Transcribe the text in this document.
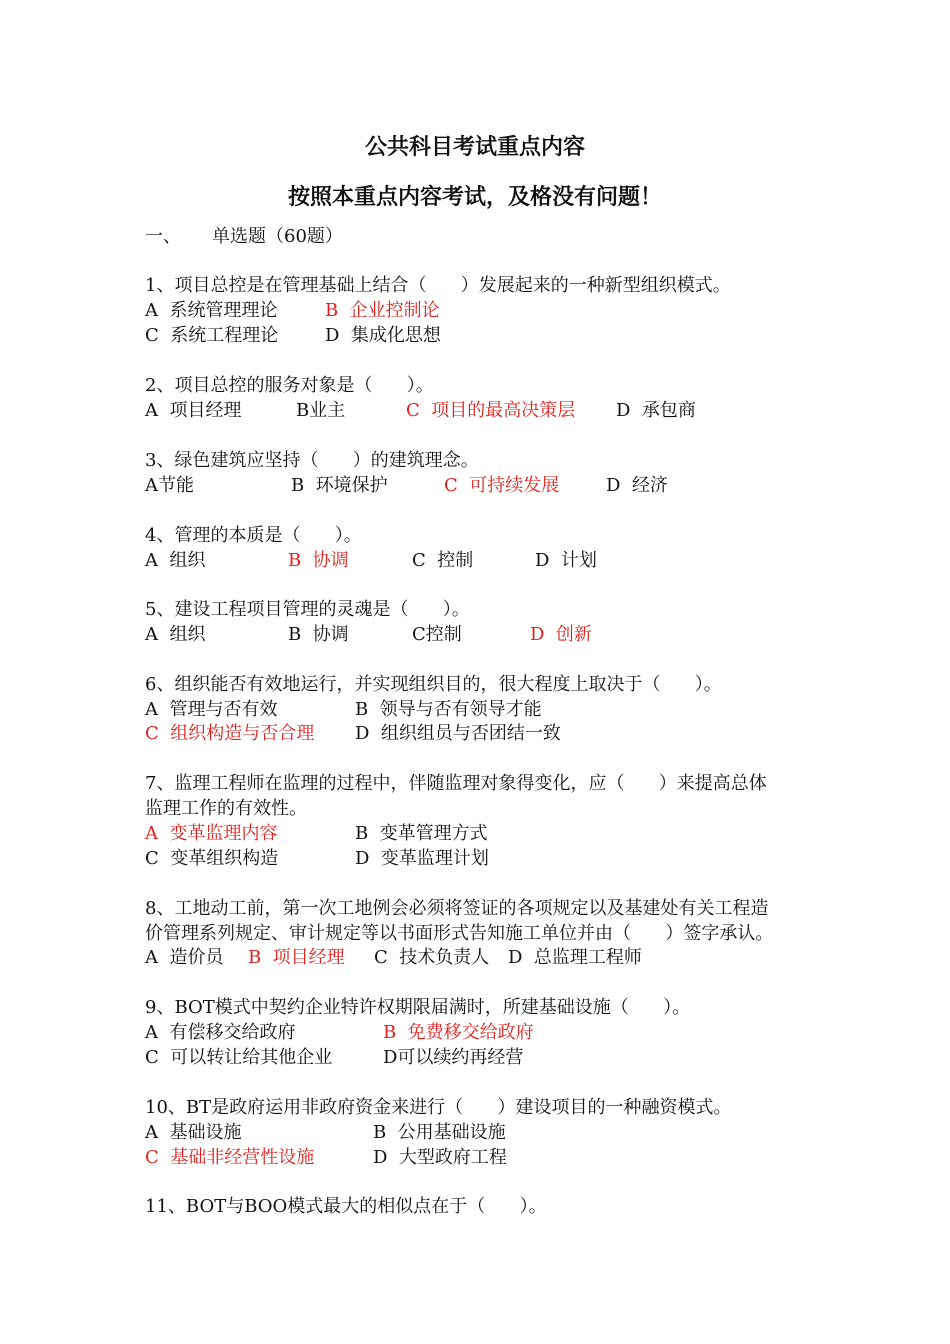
公共科目考试重点内容
按照本重点内容考试，及格没有问题！
一、 单选题（60题）
1、项目总控是在管理基础上结合（      ）发展起来的一种新型组织模式。
A  系统管理理论	B  企业控制论
C  系统工程理论	D  集成化思想
2、项目总控的服务对象是（      ）。
A  项目经理	B业主	C  项目的最高决策层 D  承包商
3、绿色建筑应坚持（      ）的建筑理念。
A节能	B  环境保护	C  可持续发展	D  经济
4、管理的本质是（      ）。
A  组织	B  协调	C  控制	D  计划
5、建设工程项目管理的灵魂是（      ）。
A  组织	B  协调	C控制	D  创新
6、组织能否有效地运行，并实现组织目的，很大程度上取决于（      ）。
A  管理与否有效	B  领导与否有领导才能
C  组织构造与否合理 D  组织组员与否团结一致
7、监理工程师在监理的过程中，伴随监理对象得变化，应（      ）来提高总体
监理工作的有效性。
A  变革监理内容	B  变革管理方式
C  变革组织构造	D  变革监理计划
8、工地动工前，第一次工地例会必须将签证的各项规定以及基建处有关工程造
价管理系列规定、审计规定等以书面形式告知施工单位并由（      ）签字承认。
A  造价员 B  项目经理 C  技术负责人 D  总监理工程师
9、BOT模式中契约企业特许权期限届满时，所建基础设施（      ）。
A  有偿移交给政府	B  免费移交给政府
C  可以转让给其他企业	D可以续约再经营
10、BT是政府运用非政府资金来进行（      ）建设项目的一种融资模式。
A  基础设施	B  公用基础设施
C  基础非经营性设施	D  大型政府工程
11、BOT与BOO模式最大的相似点在于（      ）。
